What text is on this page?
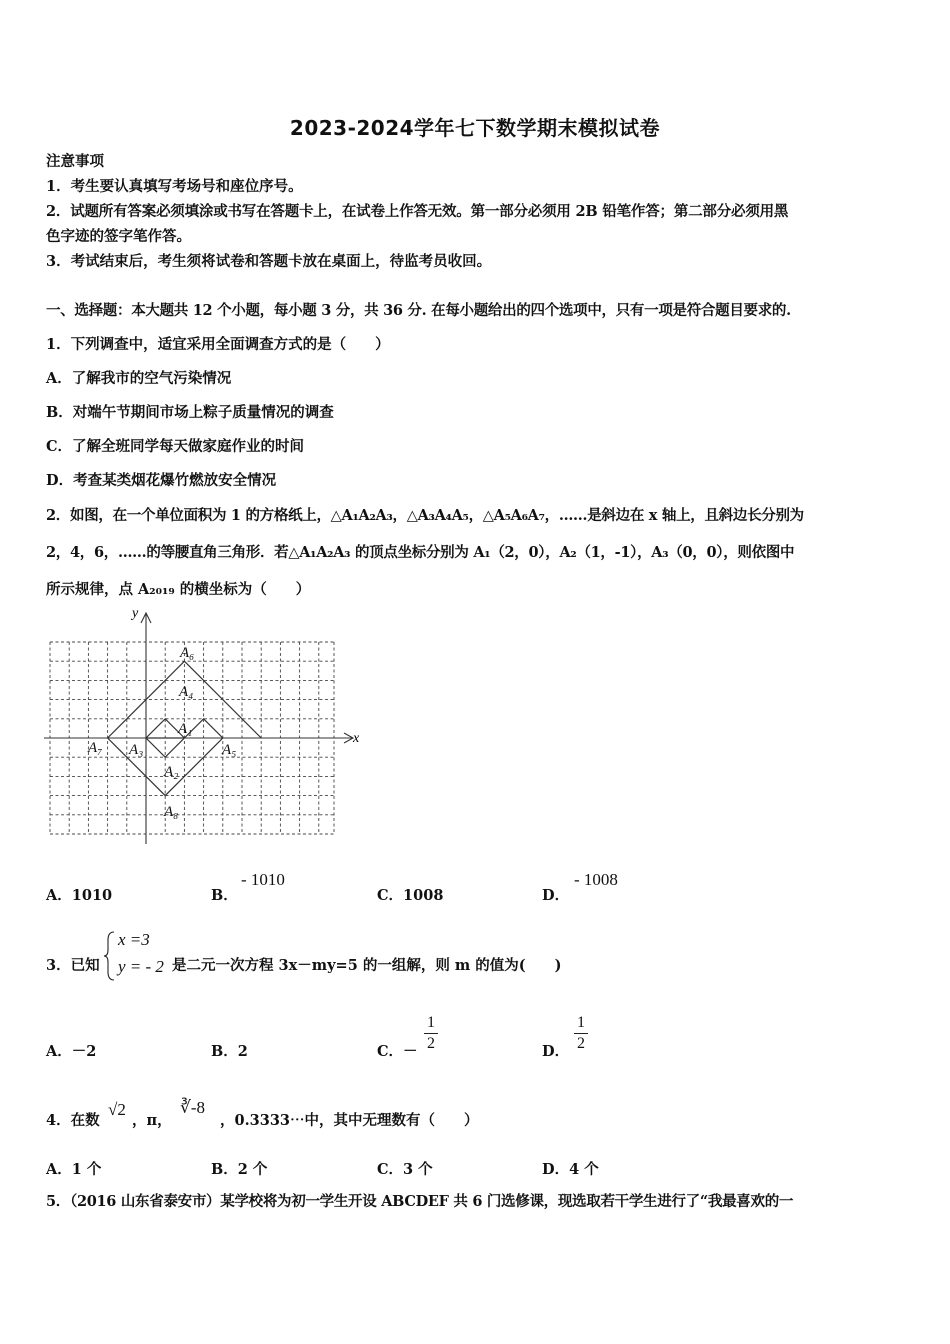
2023-2024学年七下数学期末模拟试卷
注意事项
1．考生要认真填写考场号和座位序号。
2．试题所有答案必须填涂或书写在答题卡上，在试卷上作答无效。第一部分必须用 2B 铅笔作答；第二部分必须用黑
色字迹的签字笔作答。
3．考试结束后，考生须将试卷和答题卡放在桌面上，待监考员收回。
一、选择题：本大题共 12 个小题，每小题 3 分，共 36 分. 在每小题给出的四个选项中，只有一项是符合题目要求的.
1．下列调查中，适宜采用全面调查方式的是（　　）
A．了解我市的空气污染情况
B．对端午节期间市场上粽子质量情况的调查
C．了解全班同学每天做家庭作业的时间
D．考查某类烟花爆竹燃放安全情况
2．如图，在一个单位面积为 1 的方格纸上，△A₁A₂A₃，△A₃A₄A₅，△A₅A₆A₇，……是斜边在 x 轴上，且斜边长分别为
2，4，6，……的等腰直角三角形．若△A₁A₂A₃ 的顶点坐标分别为 A₁（2，0），A₂（1，-1），A₃（0，0），则依图中
所示规律，点 A₂₀₁₉ 的横坐标为（　　）
x
y
A₁
A₂
A₃
A₄
A₅
A₆
A₇
A₈
A．1010	B．
- 1010
C．1008	D．
- 1008
3．已知
x =3
y = - 2 是二元一次方程 3x－my=5 的一组解，则 m 的值为(　　)
A．－2	B．2	C．－
1
2	D．
1
2
4．在数
√2
，π，
∛-8
，0.3333⋯中，其中无理数有（　　）
A．1 个	B．2 个	C．3 个	D．4 个
5．（2016 山东省泰安市）某学校将为初一学生开设 ABCDEF 共 6 门选修课，现选取若干学生进行了“我最喜欢的一
